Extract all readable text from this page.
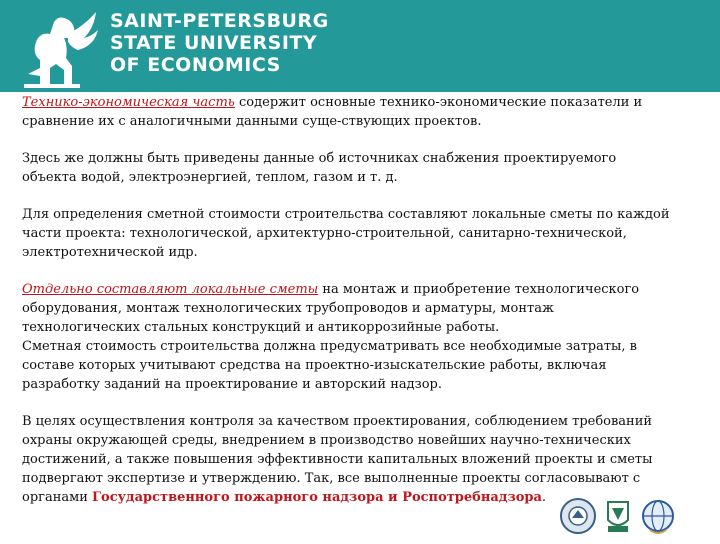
SAINT-PETERSBURG
STATE UNIVERSITY
OF ECONOMICS
Технико-экономическая часть содержит основные технико-экономические показатели и
сравнение их с аналогичными данными суще-ствующих проектов.
Здесь же должны быть приведены данные об источниках снабжения проектируемого
объекта водой, электроэнергией, теплом, газом и т. д.
Для определения сметной стоимости строительства составляют локальные сметы по каждой
части проекта: технологической, архитектурно-строительной, санитарно-технической,
электротехнической идр.
Отдельно составляют локальные сметы на монтаж и приобретение технологического
оборудования, монтаж технологических трубопроводов и арматуры, монтаж
технологических стальных конструкций и антикоррозийные работы.
Сметная стоимость строительства должна предусматривать все необходимые затраты, в
составе которых учитывают средства на проектно-изыскательские работы, включая
разработку заданий на проектирование и авторский надзор.
В целях осуществления контроля за качеством проектирования, соблюдением требований
охраны окружающей среды, внедрением в производство новейших научно-технических
достижений, а также повышения эффективности капитальных вложений проекты и сметы
подвергают экспертизе и утверждению. Так, все выполненные проекты согласовывают с
органами Государственного пожарного надзора и Роспотребнадзора.
